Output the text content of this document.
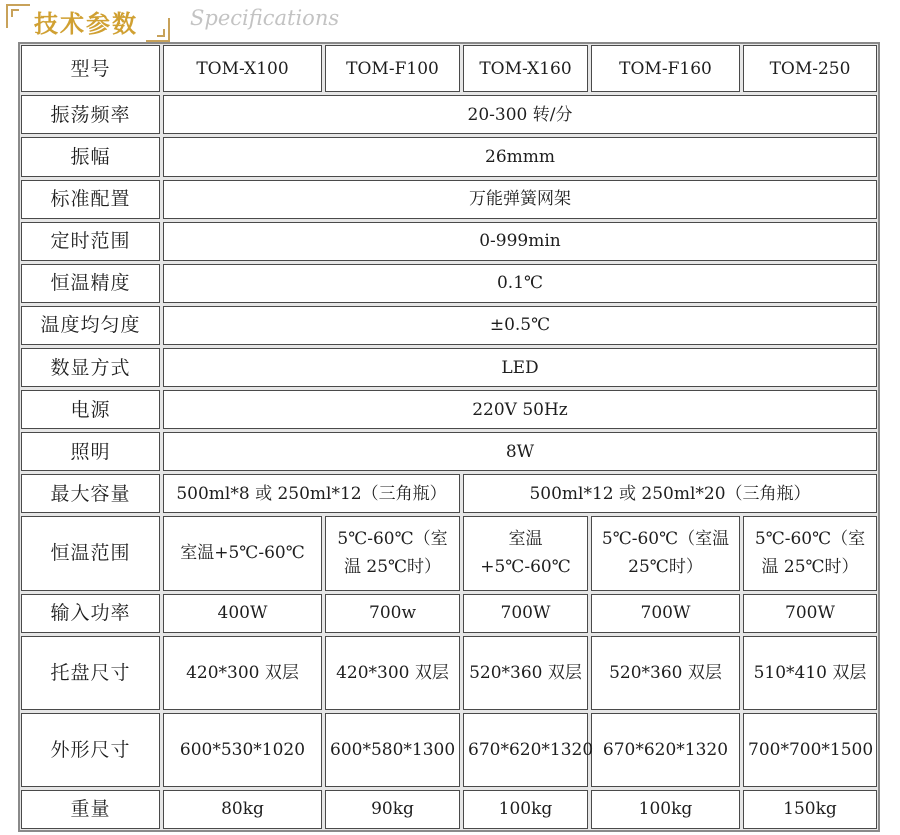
技术参数 Specifications
型号	TOM-X100	TOM-F100	TOM-X160	TOM-F160	TOM-250
振荡频率	20-300 转/分				
振幅	26mmm				
标准配置	万能弹簧网架				
定时范围	0-999min				
恒温精度	0.1℃				
温度均匀度	±0.5℃				
数显方式	LED				
电源	220V 50Hz				
照明	8W				
最大容量	500ml*8 或 250ml*12（三角瓶）		500ml*12 或 250ml*20（三角瓶）		
恒温范围	室温+5℃-60℃	5℃-60℃（室温 25℃时）	室温+5℃-60℃	5℃-60℃（室温25℃时）	5℃-60℃（室温 25℃时）
输入功率	400W	700w	700W	700W	700W
托盘尺寸	420*300 双层	420*300 双层	520*360 双层	520*360 双层	510*410 双层
外形尺寸	600*530*1020	600*580*1300	670*620*1320	670*620*1320	700*700*1500
重量	80kg	90kg	100kg	100kg	150kg
